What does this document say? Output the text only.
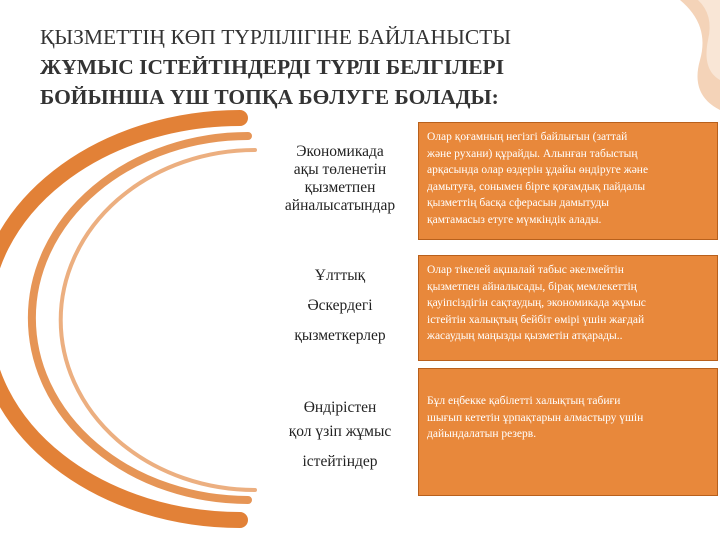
ҚЫЗМЕТТІҢ КӨП ТҮРЛІЛІГІНЕ БАЙЛАНЫСТЫ
ЖҰМЫС ІСТЕЙТІНДЕРДІ ТҮРЛІ БЕЛГІЛЕРІ
БОЙЫНША ҮШ ТОПҚА БӨЛУГЕ БОЛАДЫ:
Экономикада
ақы төленетін
қызметпен
айналысатындар
Олар қоғамның негізгі байлығын (заттай
және рухани) құрайды. Алынған табыстың
арқасында олар өздерін ұдайы өндіруге және
дамытуға, сонымен бірге қоғамдық пайдалы
қызметтің басқа сферасын дамытуды
қамтамасыз етуге мүмкіндік алады.
Ұлттық
Әскердегі
қызметкерлер
Олар тікелей ақшалай табыс әкелмейтін
қызметпен айналысады, бірақ мемлекеттің
қауіпсіздігін сақтаудың, экономикада жұмыс
істейтін халықтың бейбіт өмірі үшін жағдай
жасаудың маңызды қызметін атқарады..
Өндірістен
қол үзіп жұмыс
істейтіндер
Бұл еңбекке қабілетті халықтың табиғи
шығып кететін ұрпақтарын алмастыру үшін
дайындалатын резерв.
